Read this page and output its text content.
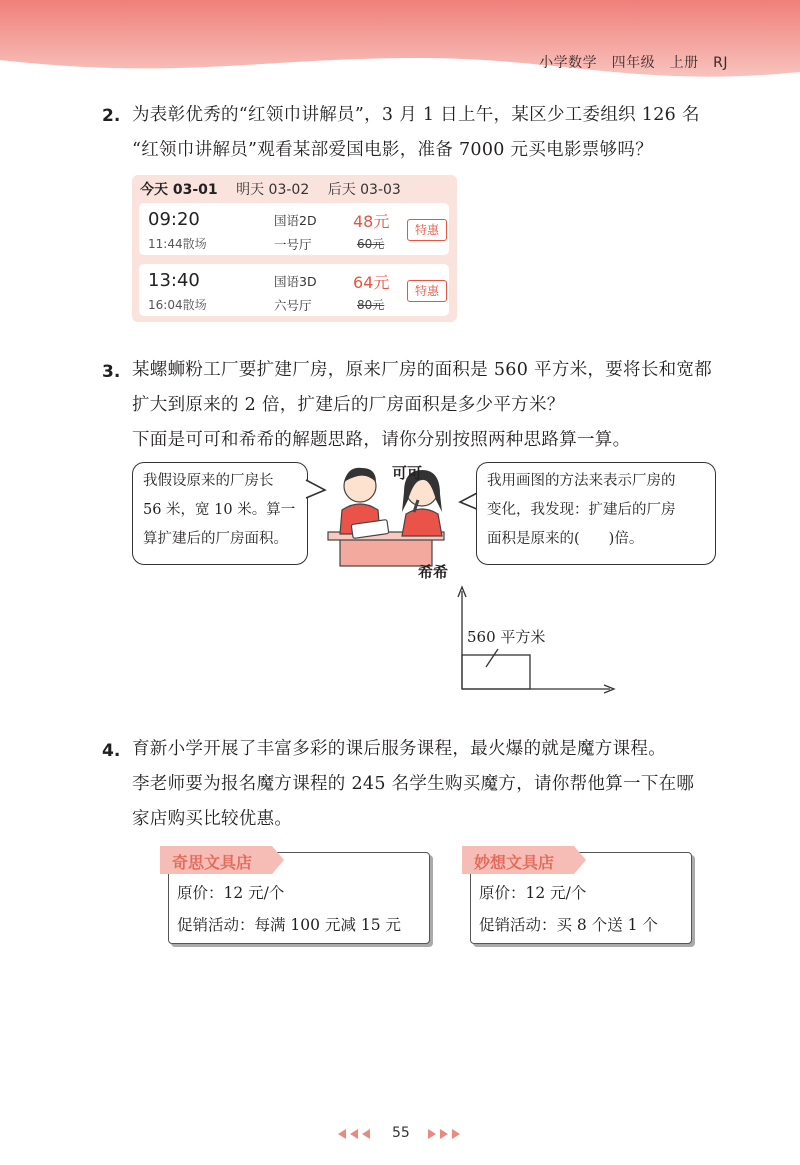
小学数学　四年级　上册　RJ
2. 为表彰优秀的“红领巾讲解员”，3 月 1 日上午，某区少工委组织 126 名
“红领巾讲解员”观看某部爱国电影，准备 7000 元买电影票够吗？
今天 03-01 明天 03-02 后天 03-03
09:20
11:44散场
国语2D
一号厅
48元
60元
特惠
13:40
16:04散场
国语3D
六号厅
64元
80元
特惠
3. 某螺蛳粉工厂要扩建厂房，原来厂房的面积是 560 平方米，要将长和宽都
扩大到原来的 2 倍，扩建后的厂房面积是多少平方米？
下面是可可和希希的解题思路，请你分别按照两种思路算一算。
我假设原来的厂房长
56 米，宽 10 米。算一
算扩建后的厂房面积。
可可
希希
我用画图的方法来表示厂房的
变化，我发现：扩建后的厂房
面积是原来的(　　)倍。
560 平方米
4. 育新小学开展了丰富多彩的课后服务课程，最火爆的就是魔方课程。
李老师要为报名魔方课程的 245 名学生购买魔方，请你帮他算一下在哪
家店购买比较优惠。
原价：12 元/个
促销活动：每满 100 元减 15 元
奇思文具店
原价：12 元/个
促销活动：买 8 个送 1 个
妙想文具店
55
